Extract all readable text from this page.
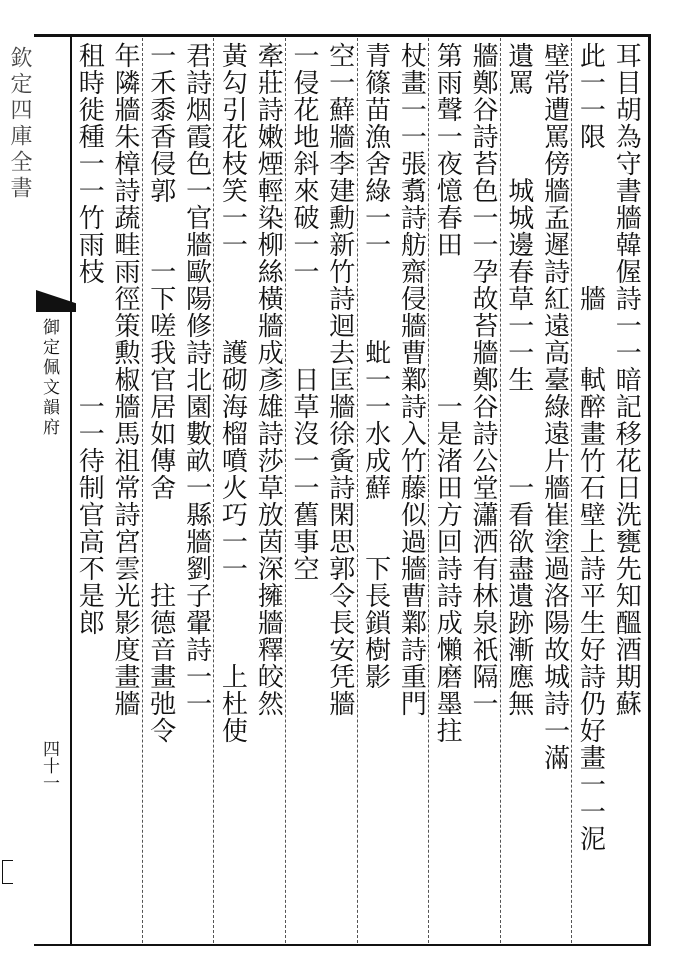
欽定四庫全書
御定佩文韻府
四十一
耳目胡為守書牆韓偓詩一一暗記移花日洗甕先知醞酒期蘇
此一一限　　　　　牆　　軾醉畫竹石壁上詩平生好詩仍好畫一一泥
壁常遭罵傍牆孟遲詩紅遠高臺綠遠片牆崔塗過洛陽故城詩一滿
遺罵　　　城城邊春草一一生　　　一看欲盡遺跡漸應無
牆鄭谷詩苔色一一孕故苔牆鄭谷詩公堂瀟洒有林泉祇隔一
第雨聲一夜憶春田　　　　　一是渚田方回詩詩成懶磨墨拄
杖畫一一張翥詩舫齋侵牆曹鄴詩入竹藤似過牆曹鄴詩重門
青篠苗漁舍綠一一　　　蚍一一水成蘚　　下長鎖樹影
空一蘚牆李建勳新竹詩迴去匡牆徐夤詩閑思郭令長安凭牆
一侵花地斜來破一一　　　日草沒一一舊事空
牽莊詩嫩煙輕染柳絲橫牆成彥雄詩莎草放茵深擁牆釋皎然
黃勾引花枝笑一一　　　護砌海榴噴火巧一一　　　上杜使
君詩烟霞色一官牆歐陽修詩北園數畝一縣牆劉子翬詩一一
一禾黍香侵郭　　一下嗟我官居如傳舍　　　拄德音畫弛令
年隣牆朱樟詩蔬畦雨徑策勲椒牆馬祖常詩宮雲光影度畫牆
租時徙種一一竹雨枝　　　　一一待制官高不是郎
